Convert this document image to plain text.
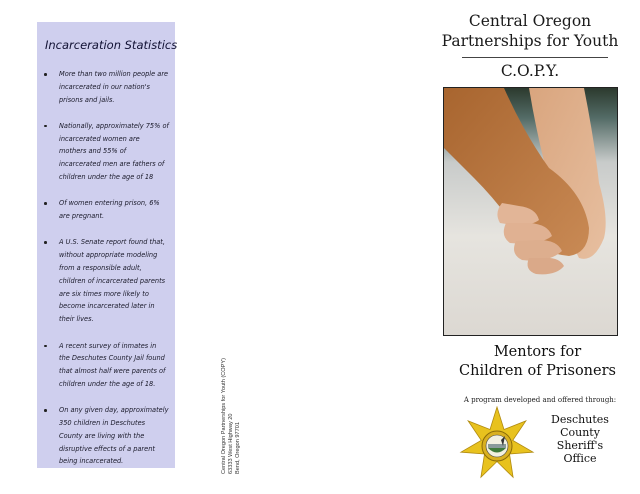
Incarceration Statistics
More than two million people are incarcerated in our nation's prisons and jails.
Nationally, approximately 75% of incarcerated women are mothers and 55% of incarcerated men are fathers of children under the age of 18
Of women entering prison, 6% are pregnant.
A U.S. Senate report found that, without appropriate modeling from a responsible adult, children of incarcerated parents are six times more likely to become incarcerated later in their lives.
A recent survey of inmates in the Deschutes County Jail found that almost half were parents of children under the age of 18.
On any given day, approximately 350 children in Deschutes County are living with the disruptive effects of a parent being incarcerated.	Central Oregon Partnerships for Youth (COPY) 63333 West Highway 20 Bend, Oregon 97701
Central Oregon
Partnerships for Youth
C.O.P.Y.
Mentors for
Children of Prisoners
A program developed and offered through:
Deschutes
County
Sheriff's
Office
